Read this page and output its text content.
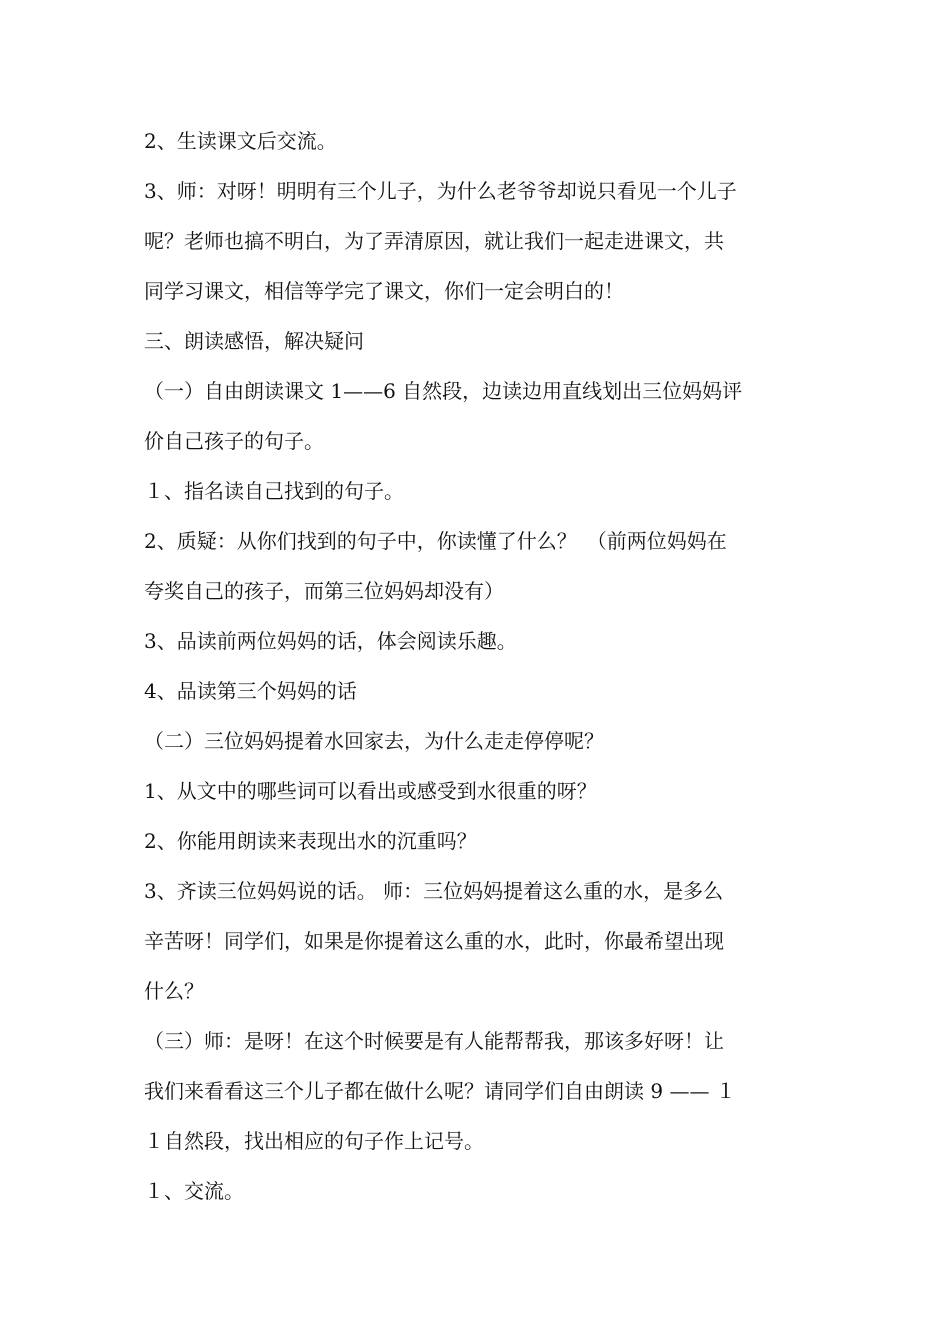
2、生读课文后交流。

3、师：对呀！明明有三个儿子，为什么老爷爷却说只看见一个儿子

呢？老师也搞不明白，为了弄清原因，就让我们一起走进课文，共

同学习课文，相信等学完了课文，你们一定会明白的！

三、朗读感悟，解决疑问

（一）自由朗读课文 1——6 自然段，边读边用直线划出三位妈妈评

价自己孩子的句子。

１、指名读自己找到的句子。

2、质疑：从你们找到的句子中，你读懂了什么？　（前两位妈妈在

夸奖自己的孩子，而第三位妈妈却没有）

3、品读前两位妈妈的话，体会阅读乐趣。

4、品读第三个妈妈的话

（二）三位妈妈提着水回家去，为什么走走停停呢？

1、从文中的哪些词可以看出或感受到水很重的呀？

2、你能用朗读来表现出水的沉重吗？

3、齐读三位妈妈说的话。 师：三位妈妈提着这么重的水，是多么

辛苦呀！同学们，如果是你提着这么重的水，此时，你最希望出现

什么？

（三）师：是呀！在这个时候要是有人能帮帮我，那该多好呀！让

我们来看看这三个儿子都在做什么呢？请同学们自由朗读 9 —— １

１自然段，找出相应的句子作上记号。

１、交流。
